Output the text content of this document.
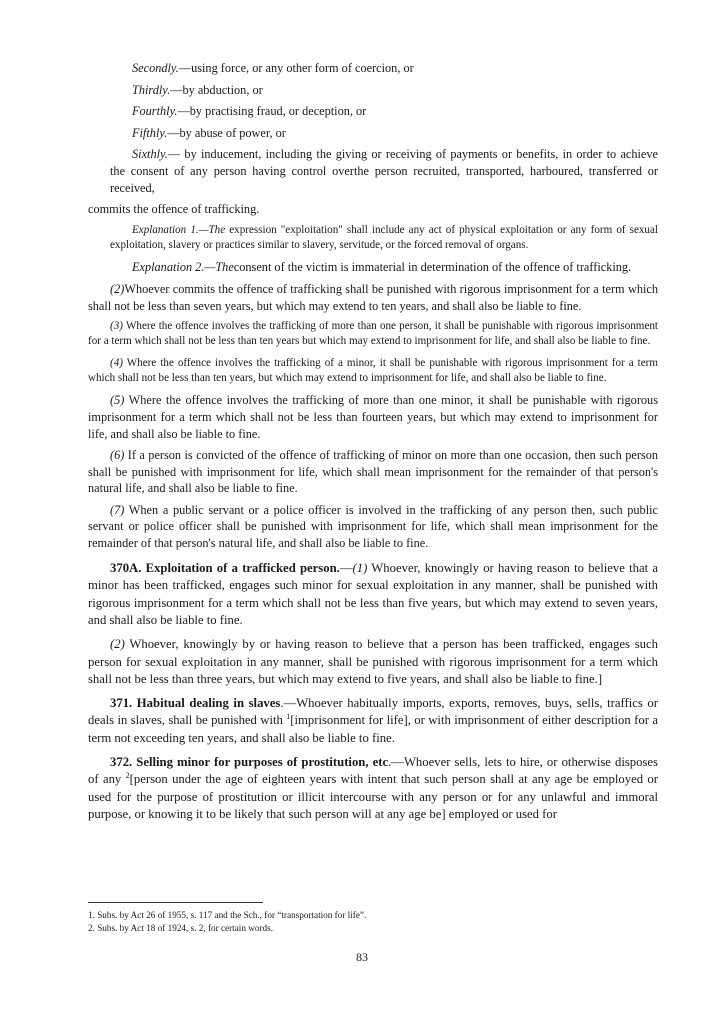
Secondly.—using force, or any other form of coercion, or

Thirdly.—by abduction, or

Fourthly.—by practising fraud, or deception, or

Fifthly.—by abuse of power, or

Sixthly.— by inducement, including the giving or receiving of payments or benefits, in order to achieve the consent of any person having control overthe person recruited, transported, harboured, transferred or received,

commits the offence of trafficking.

Explanation 1.—The expression "exploitation" shall include any act of physical exploitation or any form of sexual exploitation, slavery or practices similar to slavery, servitude, or the forced removal of organs.

Explanation 2.—Theconsent of the victim is immaterial in determination of the offence of trafficking.

(2)Whoever commits the offence of trafficking shall be punished with rigorous imprisonment for a term which shall not be less than seven years, but which may extend to ten years, and shall also be liable to fine.

(3) Where the offence involves the trafficking of more than one person, it shall be punishable with rigorous imprisonment for a term which shall not be less than ten years but which may extend to imprisonment for life, and shall also be liable to fine.

(4) Where the offence involves the trafficking of a minor, it shall be punishable with rigorous imprisonment for a term which shall not be less than ten years, but which may extend to imprisonment for life, and shall also be liable to fine.

(5) Where the offence involves the trafficking of more than one minor, it shall be punishable with rigorous imprisonment for a term which shall not be less than fourteen years, but which may extend to imprisonment for life, and shall also be liable to fine.

(6) If a person is convicted of the offence of trafficking of minor on more than one occasion, then such person shall be punished with imprisonment for life, which shall mean imprisonment for the remainder of that person's natural life, and shall also be liable to fine.

(7) When a public servant or a police officer is involved in the trafficking of any person then, such public servant or police officer shall be punished with imprisonment for life, which shall mean imprisonment for the remainder of that person's natural life, and shall also be liable to fine.

370A. Exploitation of a trafficked person.—(1) Whoever, knowingly or having reason to believe that a minor has been trafficked, engages such minor for sexual exploitation in any manner, shall be punished with rigorous imprisonment for a term which shall not be less than five years, but which may extend to seven years, and shall also be liable to fine.

(2) Whoever, knowingly by or having reason to believe that a person has been trafficked, engages such person for sexual exploitation in any manner, shall be punished with rigorous imprisonment for a term which shall not be less than three years, but which may extend to five years, and shall also be liable to fine.]

371. Habitual dealing in slaves.—Whoever habitually imports, exports, removes, buys, sells, traffics or deals in slaves, shall be punished with $^1$[imprisonment for life], or with imprisonment of either description for a term not exceeding ten years, and shall also be liable to fine.

372. Selling minor for purposes of prostitution, etc.—Whoever sells, lets to hire, or otherwise disposes of any $^2$[person under the age of eighteen years with intent that such person shall at any age be employed or used for the purpose of prostitution or illicit intercourse with any person or for any unlawful and immoral purpose, or knowing it to be likely that such person will at any age be] employed or used for

1. Subs. by Act 26 of 1955, s. 117 and the Sch., for “transportation for life”.
2. Subs. by Act 18 of 1924, s. 2, for certain words.
83
